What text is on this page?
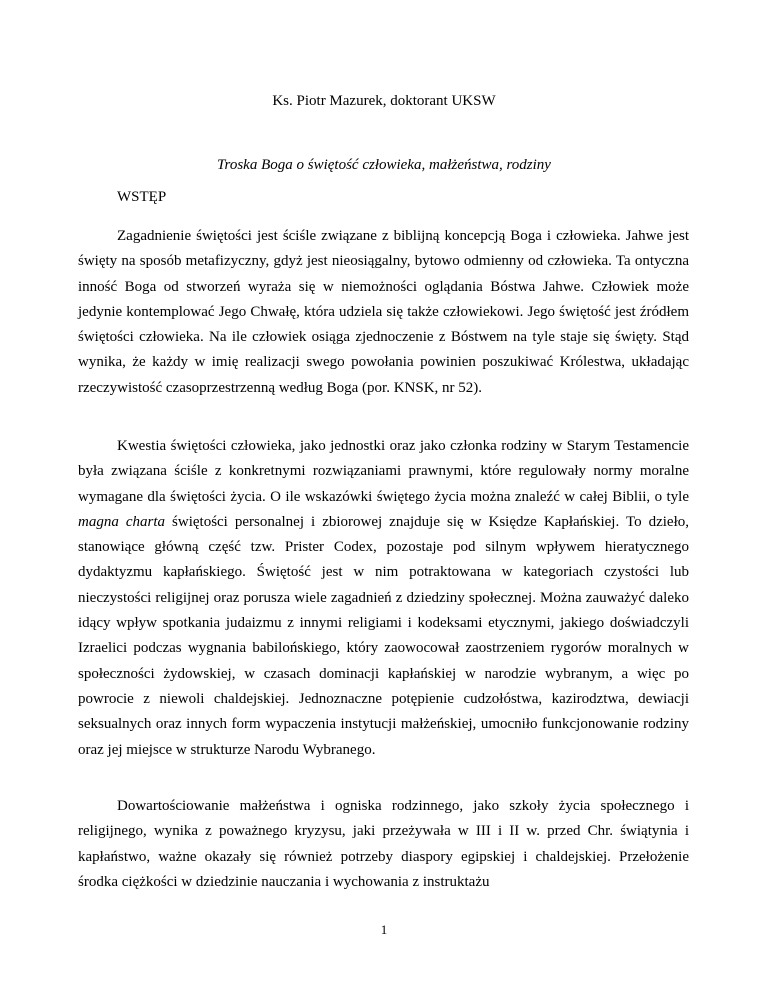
Ks. Piotr Mazurek, doktorant UKSW
Troska Boga o świętość człowieka, małżeństwa, rodziny
WSTĘP

Zagadnienie świętości jest ściśle związane z biblijną koncepcją Boga i człowieka. Jahwe jest święty na sposób metafizyczny, gdyż jest nieosiągalny, bytowo odmienny od człowieka. Ta ontyczna inność Boga od stworzeń wyraża się w niemożności oglądania Bóstwa Jahwe. Człowiek może jedynie kontemplować Jego Chwałę, która udziela się także człowiekowi. Jego świętość jest źródłem świętości człowieka. Na ile człowiek osiąga zjednoczenie z Bóstwem na tyle staje się święty. Stąd wynika, że każdy w imię realizacji swego powołania powinien poszukiwać Królestwa, układając rzeczywistość czasoprzestrzenną według Boga (por. KNSK, nr 52).

Kwestia świętości człowieka, jako jednostki oraz jako członka rodziny w Starym Testamencie była związana ściśle z konkretnymi rozwiązaniami prawnymi, które regulowały normy moralne wymagane dla świętości życia. O ile wskazówki świętego życia można znaleźć w całej Biblii, o tyle magna charta świętości personalnej i zbiorowej znajduje się w Księdze Kapłańskiej. To dzieło, stanowiące główną część tzw. Prister Codex, pozostaje pod silnym wpływem hieratycznego dydaktyzmu kapłańskiego. Świętość jest w nim potraktowana w kategoriach czystości lub nieczystości religijnej oraz porusza wiele zagadnień z dziedziny społecznej. Można zauważyć daleko idący wpływ spotkania judaizmu z innymi religiami i kodeksami etycznymi, jakiego doświadczyli Izraelici podczas wygnania babilońskiego, który zaowocował zaostrzeniem rygorów moralnych w społeczności żydowskiej, w czasach dominacji kapłańskiej w narodzie wybranym, a więc po powrocie z niewoli chaldejskiej. Jednoznaczne potępienie cudzołóstwa, kazirodztwa, dewiacji seksualnych oraz innych form wypaczenia instytucji małżeńskiej, umocniło funkcjonowanie rodziny oraz jej miejsce w strukturze Narodu Wybranego.

Dowartościowanie małżeństwa i ogniska rodzinnego, jako szkoły życia społecznego i religijnego, wynika z poważnego kryzysu, jaki przeżywała w III i II w. przed Chr. świątynia i kapłaństwo, ważne okazały się również potrzeby diaspory egipskiej i chaldejskiej. Przełożenie środka ciężkości w dziedzinie nauczania i wychowania z instruktażu

1
